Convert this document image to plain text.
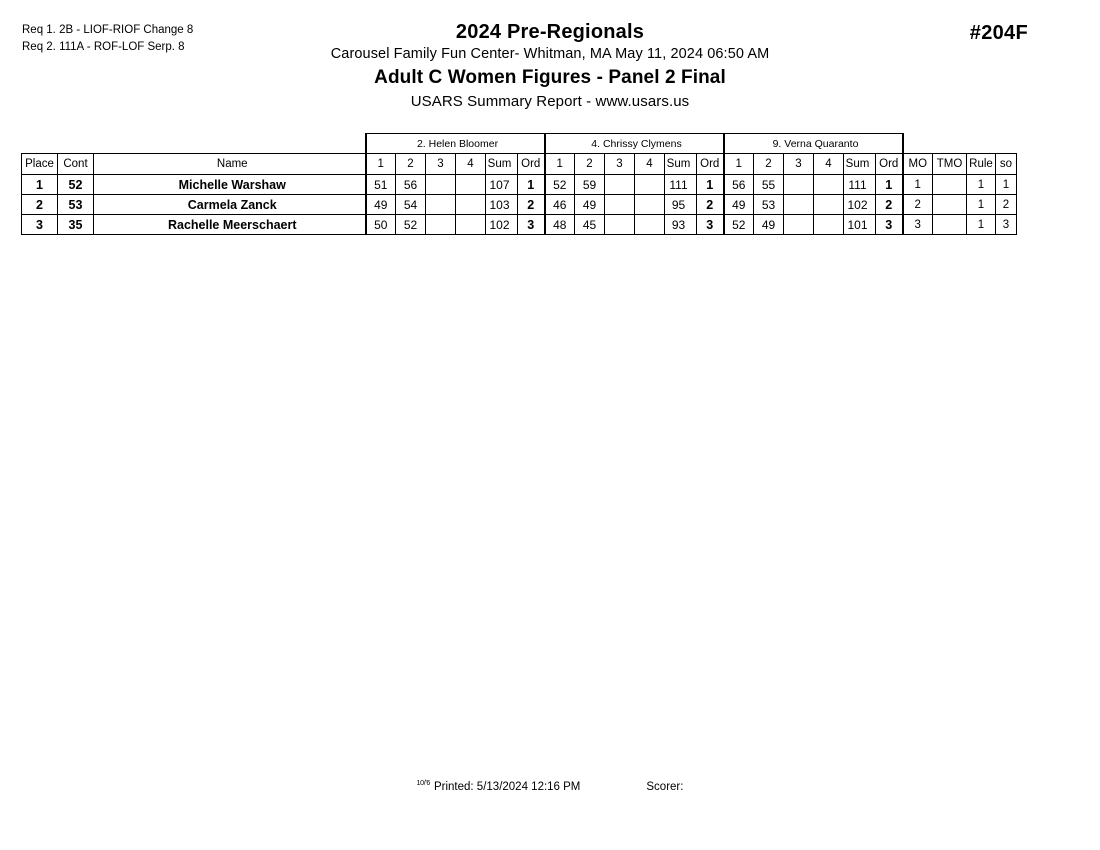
Req 1. 2B - LIOF-RIOF Change 8
Req 2. 111A - ROF-LOF Serp. 8
#204F
2024 Pre-Regionals
Carousel Family Fun Center- Whitman, MA May 11, 2024 06:50 AM
Adult C Women Figures - Panel 2 Final
USARS Summary Report - www.usars.us
			2. Helen Bloomer						4. Chrissy Clymens						9. Verna Quaranto									
Place	Cont	Name	1	2	3	4	Sum	Ord	1	2	3	4	Sum	Ord	1	2	3	4	Sum	Ord	MO	TMO	Rule	so
1	52	Michelle Warshaw	51	56			107	1	52	59			111	1	56	55			111	1	1		1	1
2	53	Carmela Zanck	49	54			103	2	46	49			95	2	49	53			102	2	2		1	2
3	35	Rachelle Meerschaert	50	52			102	3	48	45			93	3	52	49			101	3	3		1	3
$^{10/'6}$ Printed: 5/13/2024 12:16 PM	Scorer:
